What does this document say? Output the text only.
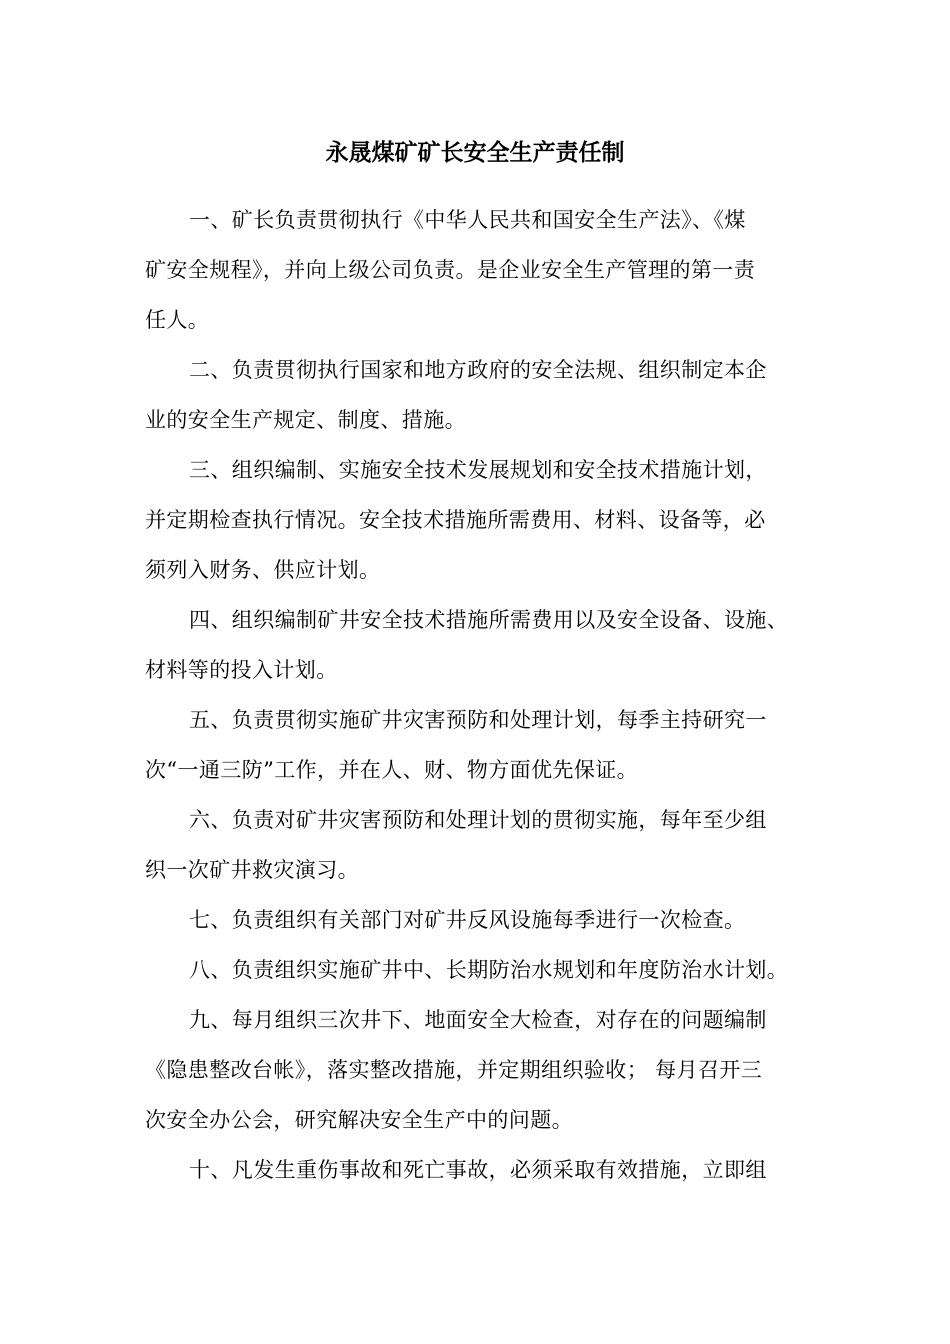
永晟煤矿矿长安全生产责任制
一、矿长负责贯彻执行《中华人民共和国安全生产法》、《煤
矿安全规程》，并向上级公司负责。是企业安全生产管理的第一责
任人。
二、负责贯彻执行国家和地方政府的安全法规、组织制定本企
业的安全生产规定、制度、措施。
三、组织编制、实施安全技术发展规划和安全技术措施计划，
并定期检查执行情况。安全技术措施所需费用、材料、设备等，必
须列入财务、供应计划。
四、组织编制矿井安全技术措施所需费用以及安全设备、设施、
材料等的投入计划。
五、负责贯彻实施矿井灾害预防和处理计划，每季主持研究一
次“一通三防”工作，并在人、财、物方面优先保证。
六、负责对矿井灾害预防和处理计划的贯彻实施，每年至少组
织一次矿井救灾演习。
七、负责组织有关部门对矿井反风设施每季进行一次检查。
八、负责组织实施矿井中、长期防治水规划和年度防治水计划。
九、每月组织三次井下、地面安全大检查，对存在的问题编制
《隐患整改台帐》，落实整改措施，并定期组织验收； 每月召开三
次安全办公会，研究解决安全生产中的问题。
十、凡发生重伤事故和死亡事故，必须采取有效措施，立即组
